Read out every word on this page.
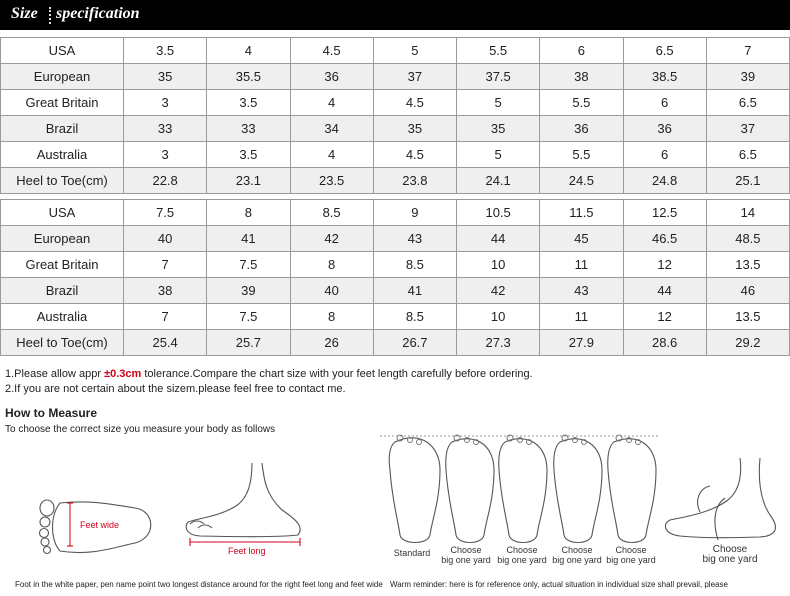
Size specification
USA	3.5	4	4.5	5	5.5	6	6.5	7
European	35	35.5	36	37	37.5	38	38.5	39
Great Britain	3	3.5	4	4.5	5	5.5	6	6.5
Brazil	33	33	34	35	35	36	36	37
Australia	3	3.5	4	4.5	5	5.5	6	6.5
Heel to Toe(cm)	22.8	23.1	23.5	23.8	24.1	24.5	24.8	25.1
USA	7.5	8	8.5	9	10.5	11.5	12.5	14
European	40	41	42	43	44	45	46.5	48.5
Great Britain	7	7.5	8	8.5	10	11	12	13.5
Brazil	38	39	40	41	42	43	44	46
Australia	7	7.5	8	8.5	10	11	12	13.5
Heel to Toe(cm)	25.4	25.7	26	26.7	27.3	27.9	28.6	29.2
1.Please allow appr ±0.3cm tolerance.Compare the chart size with your feet length carefully before ordering.
2.If you are not certain about the sizem.please feel free to contact me.
How to Measure
To choose the correct size you measure your body as follows
Feet wide
Feet long	Standard	Choose
big one yard
Choose
big one yard
Choose
big one yard
Choose
big one yard
Choose
big one yard
Foot in the white paper, pen name point two longest distance around for the right feet long and feet wide Warm reminder: here is for reference only, actual situation in individual size shall prevail, please
